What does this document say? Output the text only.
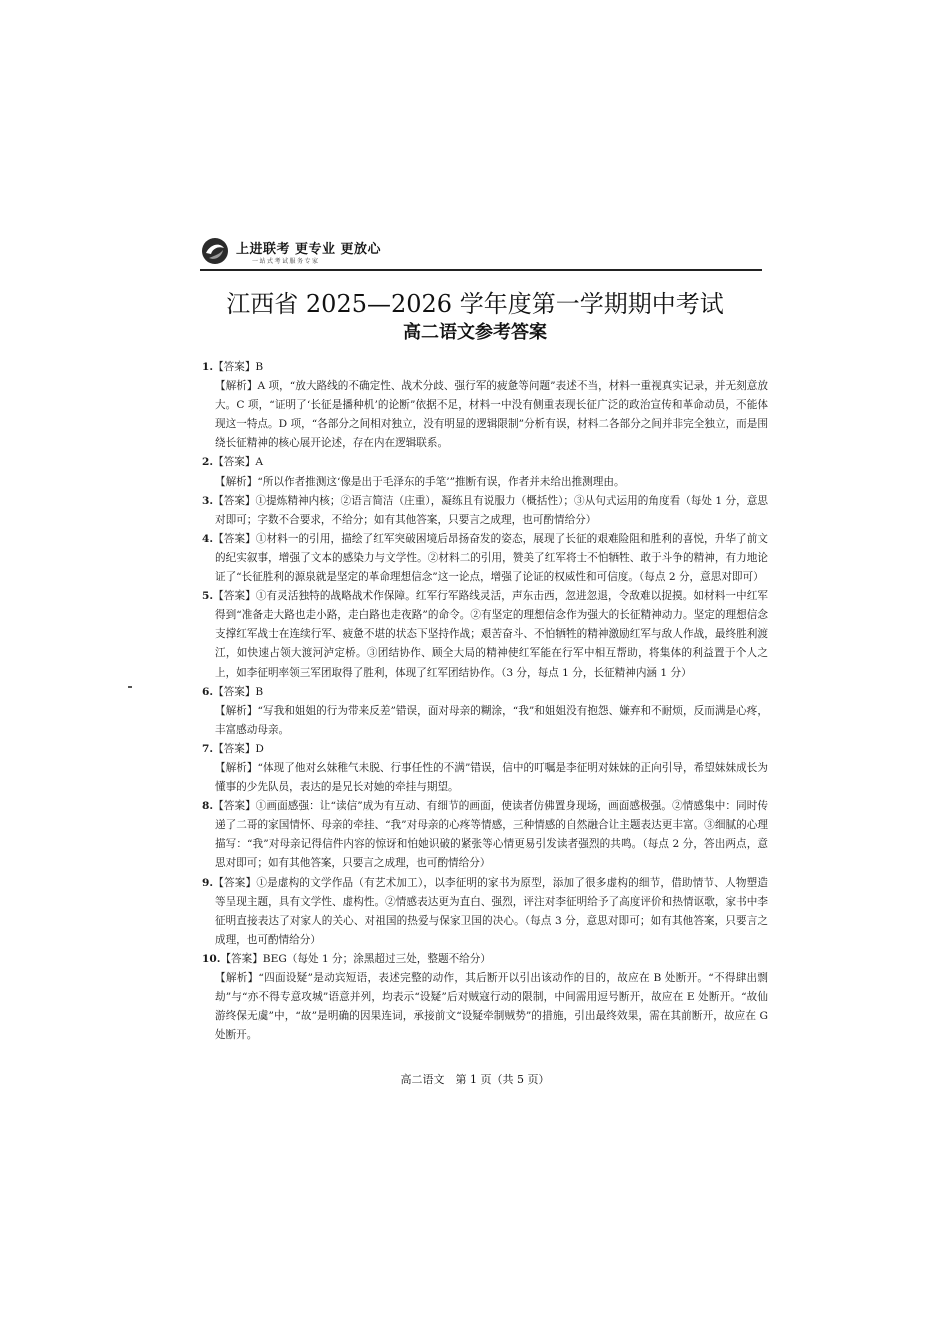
上进联考 更专业 更放心
一站式考试服务专家
江西省 2025—2026 学年度第一学期期中考试
高二语文参考答案

1.【答案】B

【解析】A 项，“放大路线的不确定性、战术分歧、强行军的疲惫等问题”表述不当，材料一重视真实记录，并无刻意放大。C 项，“证明了‘长征是播种机’的论断”依据不足，材料一中没有侧重表现长征广泛的政治宣传和革命动员，不能体现这一特点。D 项，“各部分之间相对独立，没有明显的逻辑限制”分析有误，材料二各部分之间并非完全独立，而是围绕长征精神的核心展开论述，存在内在逻辑联系。

2.【答案】A

【解析】“所以作者推测这‘像是出于毛泽东的手笔’”推断有误，作者并未给出推测理由。

3.【答案】①提炼精神内核；②语言简洁（庄重），凝练且有说服力（概括性）；③从句式运用的角度看（每处 1 分，意思对即可；字数不合要求，不给分；如有其他答案，只要言之成理，也可酌情给分）

4.【答案】①材料一的引用，描绘了红军突破困境后昂扬奋发的姿态，展现了长征的艰难险阻和胜利的喜悦，升华了前文的纪实叙事，增强了文本的感染力与文学性。②材料二的引用，赞美了红军将士不怕牺牲、敢于斗争的精神，有力地论证了“长征胜利的源泉就是坚定的革命理想信念”这一论点，增强了论证的权威性和可信度。（每点 2 分，意思对即可）

5.【答案】①有灵活独特的战略战术作保障。红军行军路线灵活，声东击西，忽进忽退，令敌难以捉摸。如材料一中红军得到“准备走大路也走小路，走白路也走夜路”的命令。②有坚定的理想信念作为强大的长征精神动力。坚定的理想信念支撑红军战士在连续行军、疲惫不堪的状态下坚持作战；艰苦奋斗、不怕牺牲的精神激励红军与敌人作战，最终胜利渡江，如快速占领大渡河泸定桥。③团结协作、顾全大局的精神使红军能在行军中相互帮助，将集体的利益置于个人之上，如李征明率领三军团取得了胜利，体现了红军团结协作。（3 分，每点 1 分，长征精神内涵 1 分）

6.【答案】B

【解析】“写我和姐姐的行为带来反差”错误，面对母亲的糊涂，“我”和姐姐没有抱怨、嫌弃和不耐烦，反而满是心疼，丰富感动母亲。

7.【答案】D

【解析】“体现了他对幺妹稚气未脱、行事任性的不满”错误，信中的叮嘱是李征明对妹妹的正向引导，希望妹妹成长为懂事的少先队员，表达的是兄长对她的牵挂与期望。

8.【答案】①画面感强：让“读信”成为有互动、有细节的画面，使读者仿佛置身现场，画面感极强。②情感集中：同时传递了二哥的家国情怀、母亲的牵挂、“我”对母亲的心疼等情感，三种情感的自然融合让主题表达更丰富。③细腻的心理描写：“我”对母亲记得信件内容的惊讶和怕她识破的紧张等心情更易引发读者强烈的共鸣。（每点 2 分，答出两点，意思对即可；如有其他答案，只要言之成理，也可酌情给分）

9.【答案】①是虚构的文学作品（有艺术加工），以李征明的家书为原型，添加了很多虚构的细节，借助情节、人物塑造等呈现主题，具有文学性、虚构性。②情感表达更为直白、强烈，评注对李征明给予了高度评价和热情讴歌，家书中李征明直接表达了对家人的关心、对祖国的热爱与保家卫国的决心。（每点 3 分，意思对即可；如有其他答案，只要言之成理，也可酌情给分）

10.【答案】BEG（每处 1 分；涂黑超过三处，整题不给分）

【解析】“四面设疑”是动宾短语，表述完整的动作，其后断开以引出该动作的目的，故应在 B 处断开。“不得肆出剽劫”与“亦不得专意攻城”语意并列，均表示“设疑”后对贼寇行动的限制，中间需用逗号断开，故应在 E 处断开。“故仙游终保无虞”中，“故”是明确的因果连词，承接前文“设疑牵制贼势”的措施，引出最终效果，需在其前断开，故应在 G 处断开。

高二语文　第 1 页（共 5 页）
